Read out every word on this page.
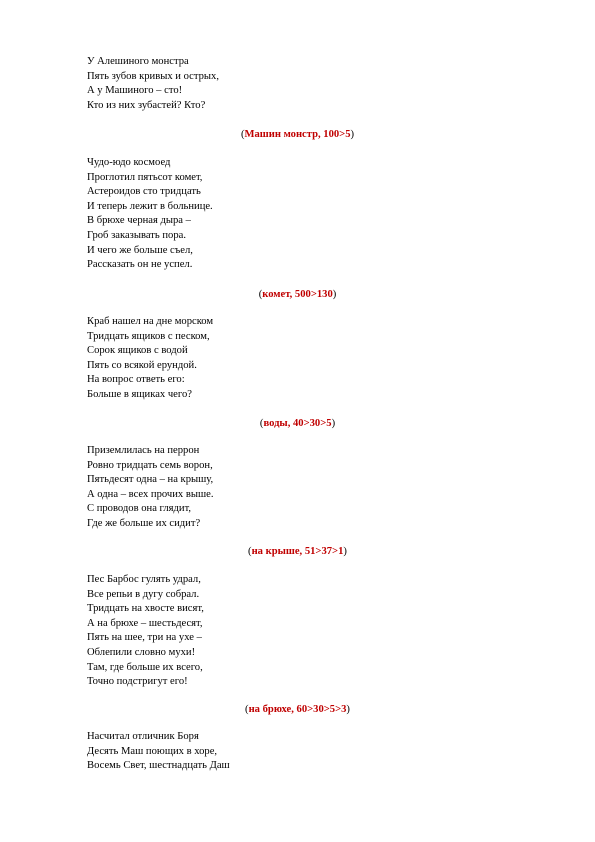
У Алешиного монстра
Пять зубов кривых и острых,
А у Машиного – сто!
Кто из них зубастей? Кто?
(Машин монстр, 100>5)
Чудо-юдо космоед
Проглотил пятьсот комет,
Астероидов сто тридцать
И теперь лежит в больнице.
В брюхе черная дыра –
Гроб заказывать пора.
И чего же больше съел,
Рассказать он не успел.
(комет, 500>130)
Краб нашел на дне морском
Тридцать ящиков с песком,
Сорок ящиков с водой
Пять со всякой ерундой.
На вопрос ответь его:
Больше в ящиках чего?
(воды, 40>30>5)
Приземлилась на перрон
Ровно тридцать семь ворон,
Пятьдесят одна – на крышу,
А одна – всех прочих выше.
С проводов она глядит,
Где же больше их сидит?
(на крыше, 51>37>1)
Пес Барбос гулять удрал,
Все репьи в дугу собрал.
Тридцать на хвосте висят,
А на брюхе – шестьдесят,
Пять на шее, три на ухе –
Облепили словно мухи!
Там, где больше их всего,
Точно подстригут его!
(на брюхе, 60>30>5>3)
Насчитал отличник Боря
Десять Маш поющих в хоре,
Восемь Свет, шестнадцать Даш
